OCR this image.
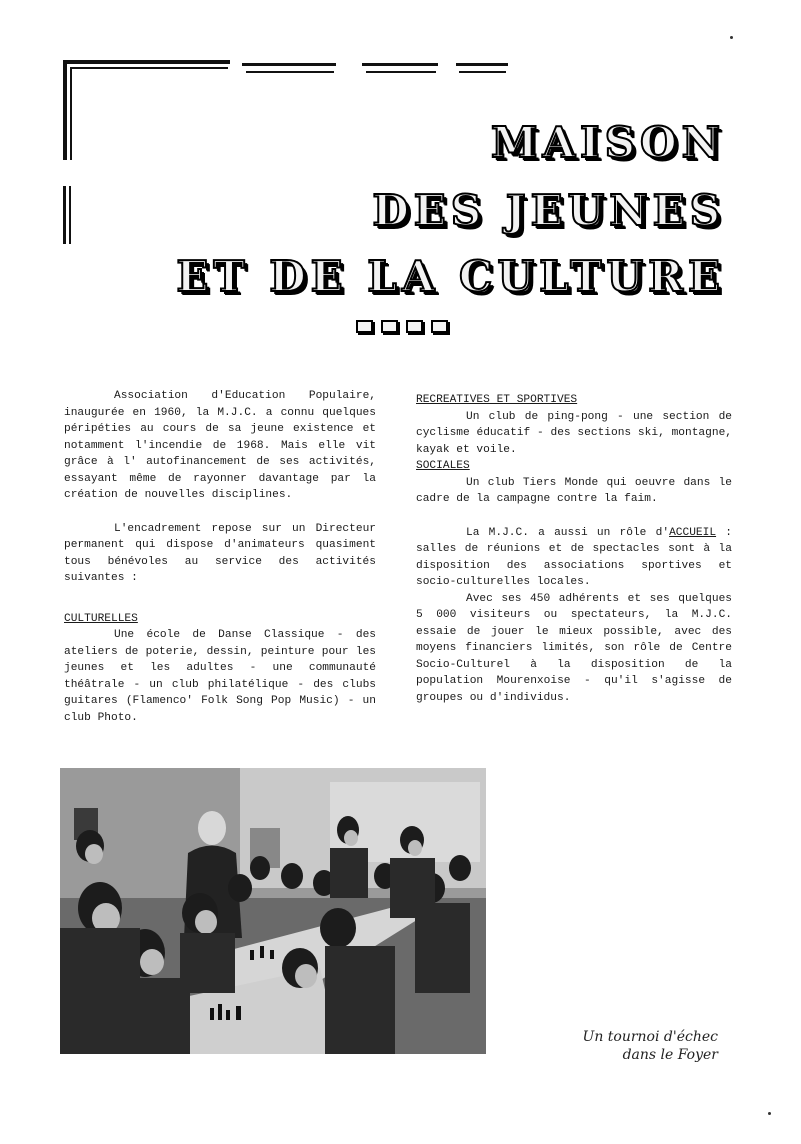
MAISON
DES JEUNES
ET DE LA CULTURE

Association d'Education Populaire, inaugurée en 1960, la M.J.C. a connu quelques péripéties au cours de sa jeune existence et notamment l'incendie de 1968. Mais elle vit grâce à l' autofinancement de ses activités, essayant même de rayonner davantage par la création de nouvelles disciplines.

L'encadrement repose sur un Directeur permanent qui dispose d'animateurs quasiment tous bénévoles au service des activités suivantes :

CULTURELLES

Une école de Danse Classique - des ateliers de poterie, dessin, peinture pour les jeunes et les adultes - une communauté théâtrale - un club philatélique - des clubs guitares (Flamenco' Folk Song Pop Music) - un club Photo.

RECREATIVES ET SPORTIVES

Un club de ping-pong - une section de cyclisme éducatif - des sections ski, montagne, kayak et voile.

SOCIALES

Un club Tiers Monde qui oeuvre dans le cadre de la campagne contre la faim.

La M.J.C. a aussi un rôle d'ACCUEIL : salles de réunions et de spectacles sont à la disposition des associations sportives et socio-culturelles locales.

Avec ses 450 adhérents et ses quelques 5 000 visiteurs ou spectateurs, la M.J.C. essaie de jouer le mieux possible, avec des moyens financiers limités, son rôle de Centre Socio-Culturel à la disposition de la population Mourenxoise - qu'il s'agisse de groupes ou d'individus.

Un tournoi d'échec
dans le Foyer
